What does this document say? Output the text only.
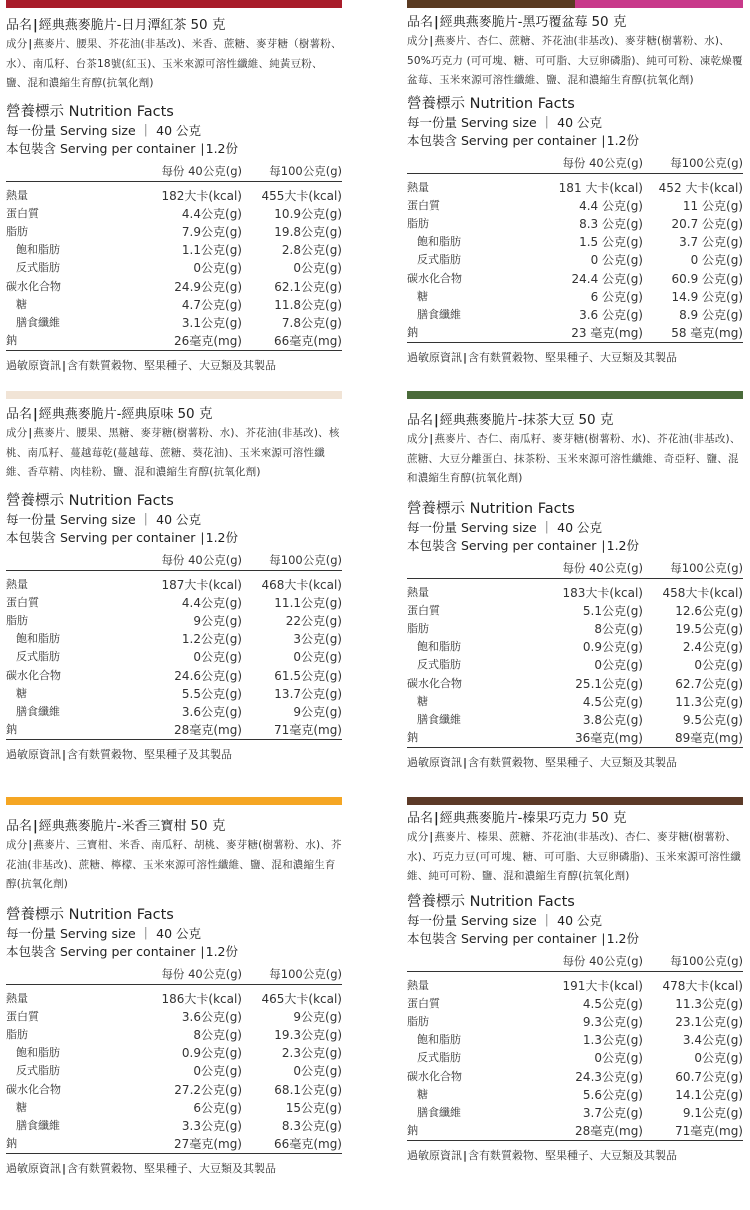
品名|經典燕麥脆片-日月潭紅茶 50 克
成分|燕麥片、腰果、芥花油(非基改)、米香、蔗糖、麥芽糖（樹薯粉、水）、南瓜籽、台茶18號(紅玉)、玉米來源可溶性纖維、純黃豆粉、鹽、混和濃縮生育醇(抗氧化劑)
營養標示 Nutrition Facts
每一份量 Serving size ｜ 40 公克
本包裝含 Serving per container ∣1.2份
	每份 40公克(g)	每100公克(g)
熱量	182大卡(kcal)	455大卡(kcal)
蛋白質	4.4公克(g)	10.9公克(g)
脂肪	7.9公克(g)	19.8公克(g)
飽和脂肪	1.1公克(g)	2.8公克(g)
反式脂肪	0公克(g)	0公克(g)
碳水化合物	24.9公克(g)	62.1公克(g)
糖	4.7公克(g)	11.8公克(g)
膳食纖維	3.1公克(g)	7.8公克(g)
鈉	26毫克(mg)	66毫克(mg)
過敏原資訊|含有麩質穀物、堅果種子、大豆類及其製品
品名|經典燕麥脆片-黑巧覆盆莓 50 克
成分|燕麥片、杏仁、蔗糖、芥花油(非基改)、麥芽糖(樹薯粉、水)、50%巧克力 (可可塊、糖、可可脂、大豆卵磷脂)、純可可粉、凍乾燥覆盆莓、玉米來源可溶性纖維、鹽、混和濃縮生育醇(抗氧化劑)
營養標示 Nutrition Facts
每一份量 Serving size ｜ 40 公克
本包裝含 Serving per container ∣1.2份
	每份 40公克(g)	每100公克(g)
熱量	181 大卡(kcal)	452 大卡(kcal)
蛋白質	4.4 公克(g)	11 公克(g)
脂肪	8.3 公克(g)	20.7 公克(g)
飽和脂肪	1.5 公克(g)	3.7 公克(g)
反式脂肪	0 公克(g)	0 公克(g)
碳水化合物	24.4 公克(g)	60.9 公克(g)
糖	6 公克(g)	14.9 公克(g)
膳食纖維	3.6 公克(g)	8.9 公克(g)
鈉	23 毫克(mg)	58 毫克(mg)
過敏原資訊|含有麩質穀物、堅果種子、大豆類及其製品
品名|經典燕麥脆片-經典原味 50 克
成分|燕麥片、腰果、黑糖、麥芽糖(樹薯粉、水)、芥花油(非基改)、核桃、南瓜籽、蔓越莓乾(蔓越莓、蔗糖、葵花油)、玉米來源可溶性纖維、香草精、肉桂粉、鹽、混和濃縮生育醇(抗氧化劑)
營養標示 Nutrition Facts
每一份量 Serving size ｜ 40 公克
本包裝含 Serving per container ∣1.2份
	每份 40公克(g)	每100公克(g)
熱量	187大卡(kcal)	468大卡(kcal)
蛋白質	4.4公克(g)	11.1公克(g)
脂肪	9公克(g)	22公克(g)
飽和脂肪	1.2公克(g)	3公克(g)
反式脂肪	0公克(g)	0公克(g)
碳水化合物	24.6公克(g)	61.5公克(g)
糖	5.5公克(g)	13.7公克(g)
膳食纖維	3.6公克(g)	9公克(g)
鈉	28毫克(mg)	71毫克(mg)
過敏原資訊|含有麩質穀物、堅果種子及其製品
品名|經典燕麥脆片-抹茶大豆 50 克
成分|燕麥片、杏仁、南瓜籽、麥芽糖(樹薯粉、水)、芥花油(非基改)、蔗糖、大豆分離蛋白、抹茶粉、玉米來源可溶性纖維、奇亞籽、鹽、混和濃縮生育醇(抗氧化劑)
營養標示 Nutrition Facts
每一份量 Serving size ｜ 40 公克
本包裝含 Serving per container ∣1.2份
	每份 40公克(g)	每100公克(g)
熱量	183大卡(kcal)	458大卡(kcal)
蛋白質	5.1公克(g)	12.6公克(g)
脂肪	8公克(g)	19.5公克(g)
飽和脂肪	0.9公克(g)	2.4公克(g)
反式脂肪	0公克(g)	0公克(g)
碳水化合物	25.1公克(g)	62.7公克(g)
糖	4.5公克(g)	11.3公克(g)
膳食纖維	3.8公克(g)	9.5公克(g)
鈉	36毫克(mg)	89毫克(mg)
過敏原資訊|含有麩質穀物、堅果種子、大豆類及其製品
品名|經典燕麥脆片-米香三寶柑 50 克
成分|燕麥片、三寶柑、米香、南瓜籽、胡桃、麥芽糖(樹薯粉、水)、芥花油(非基改)、蔗糖、檸檬、玉米來源可溶性纖維、鹽、混和濃縮生育醇(抗氧化劑)
營養標示 Nutrition Facts
每一份量 Serving size ｜ 40 公克
本包裝含 Serving per container ∣1.2份
	每份 40公克(g)	每100公克(g)
熱量	186大卡(kcal)	465大卡(kcal)
蛋白質	3.6公克(g)	9公克(g)
脂肪	8公克(g)	19.3公克(g)
飽和脂肪	0.9公克(g)	2.3公克(g)
反式脂肪	0公克(g)	0公克(g)
碳水化合物	27.2公克(g)	68.1公克(g)
糖	6公克(g)	15公克(g)
膳食纖維	3.3公克(g)	8.3公克(g)
鈉	27毫克(mg)	66毫克(mg)
過敏原資訊|含有麩質穀物、堅果種子、大豆類及其製品
品名|經典燕麥脆片-榛果巧克力 50 克
成分|燕麥片、榛果、蔗糖、芥花油(非基改)、杏仁、麥芽糖(樹薯粉、水)、巧克力豆(可可塊、糖、可可脂、大豆卵磷脂)、玉米來源可溶性纖維、純可可粉、鹽、混和濃縮生育醇(抗氧化劑)
營養標示 Nutrition Facts
每一份量 Serving size ｜ 40 公克
本包裝含 Serving per container ∣1.2份
	每份 40公克(g)	每100公克(g)
熱量	191大卡(kcal)	478大卡(kcal)
蛋白質	4.5公克(g)	11.3公克(g)
脂肪	9.3公克(g)	23.1公克(g)
飽和脂肪	1.3公克(g)	3.4公克(g)
反式脂肪	0公克(g)	0公克(g)
碳水化合物	24.3公克(g)	60.7公克(g)
糖	5.6公克(g)	14.1公克(g)
膳食纖維	3.7公克(g)	9.1公克(g)
鈉	28毫克(mg)	71毫克(mg)
過敏原資訊|含有麩質穀物、堅果種子、大豆類及其製品
